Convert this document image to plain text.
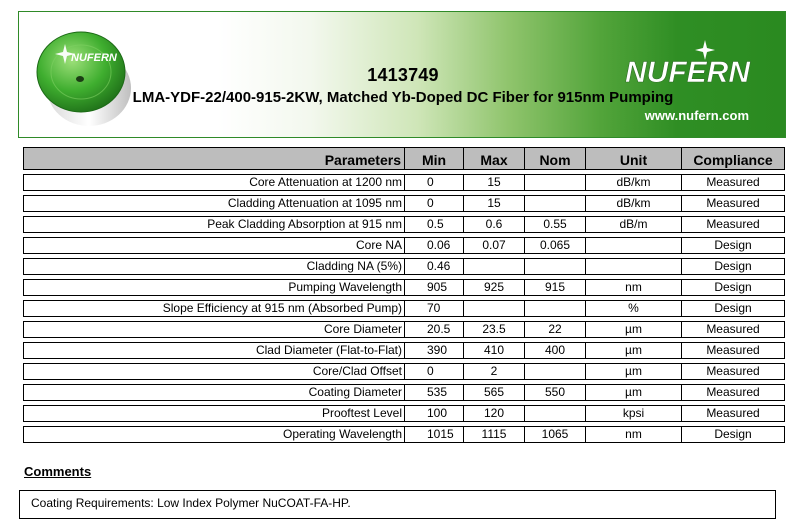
NUFERN
1413749
LMA-YDF-22/400-915-2KW, Matched Yb-Doped DC Fiber for 915nm Pumping
NUFERN
www.nufern.com
Parameters	Min	Max	Nom	Unit	Compliance
Core Attenuation at 1200 nm	0	15		dB/km	Measured
Cladding Attenuation at 1095 nm	0	15		dB/km	Measured
Peak Cladding Absorption at 915 nm	0.5	0.6	0.55	dB/m	Measured
Core NA	0.06	0.07	0.065		Design
Cladding NA (5%)	0.46				Design
Pumping Wavelength	905	925	915	nm	Design
Slope Efficiency at 915 nm (Absorbed Pump)	70			%	Design
Core Diameter	20.5	23.5	22	µm	Measured
Clad Diameter (Flat-to-Flat)	390	410	400	µm	Measured
Core/Clad Offset	0	2		µm	Measured
Coating Diameter	535	565	550	µm	Measured
Prooftest Level	100	120		kpsi	Measured
Operating Wavelength	1015	1115	1065	nm	Design
Comments
Coating Requirements: Low Index Polymer NuCOAT-FA-HP.
